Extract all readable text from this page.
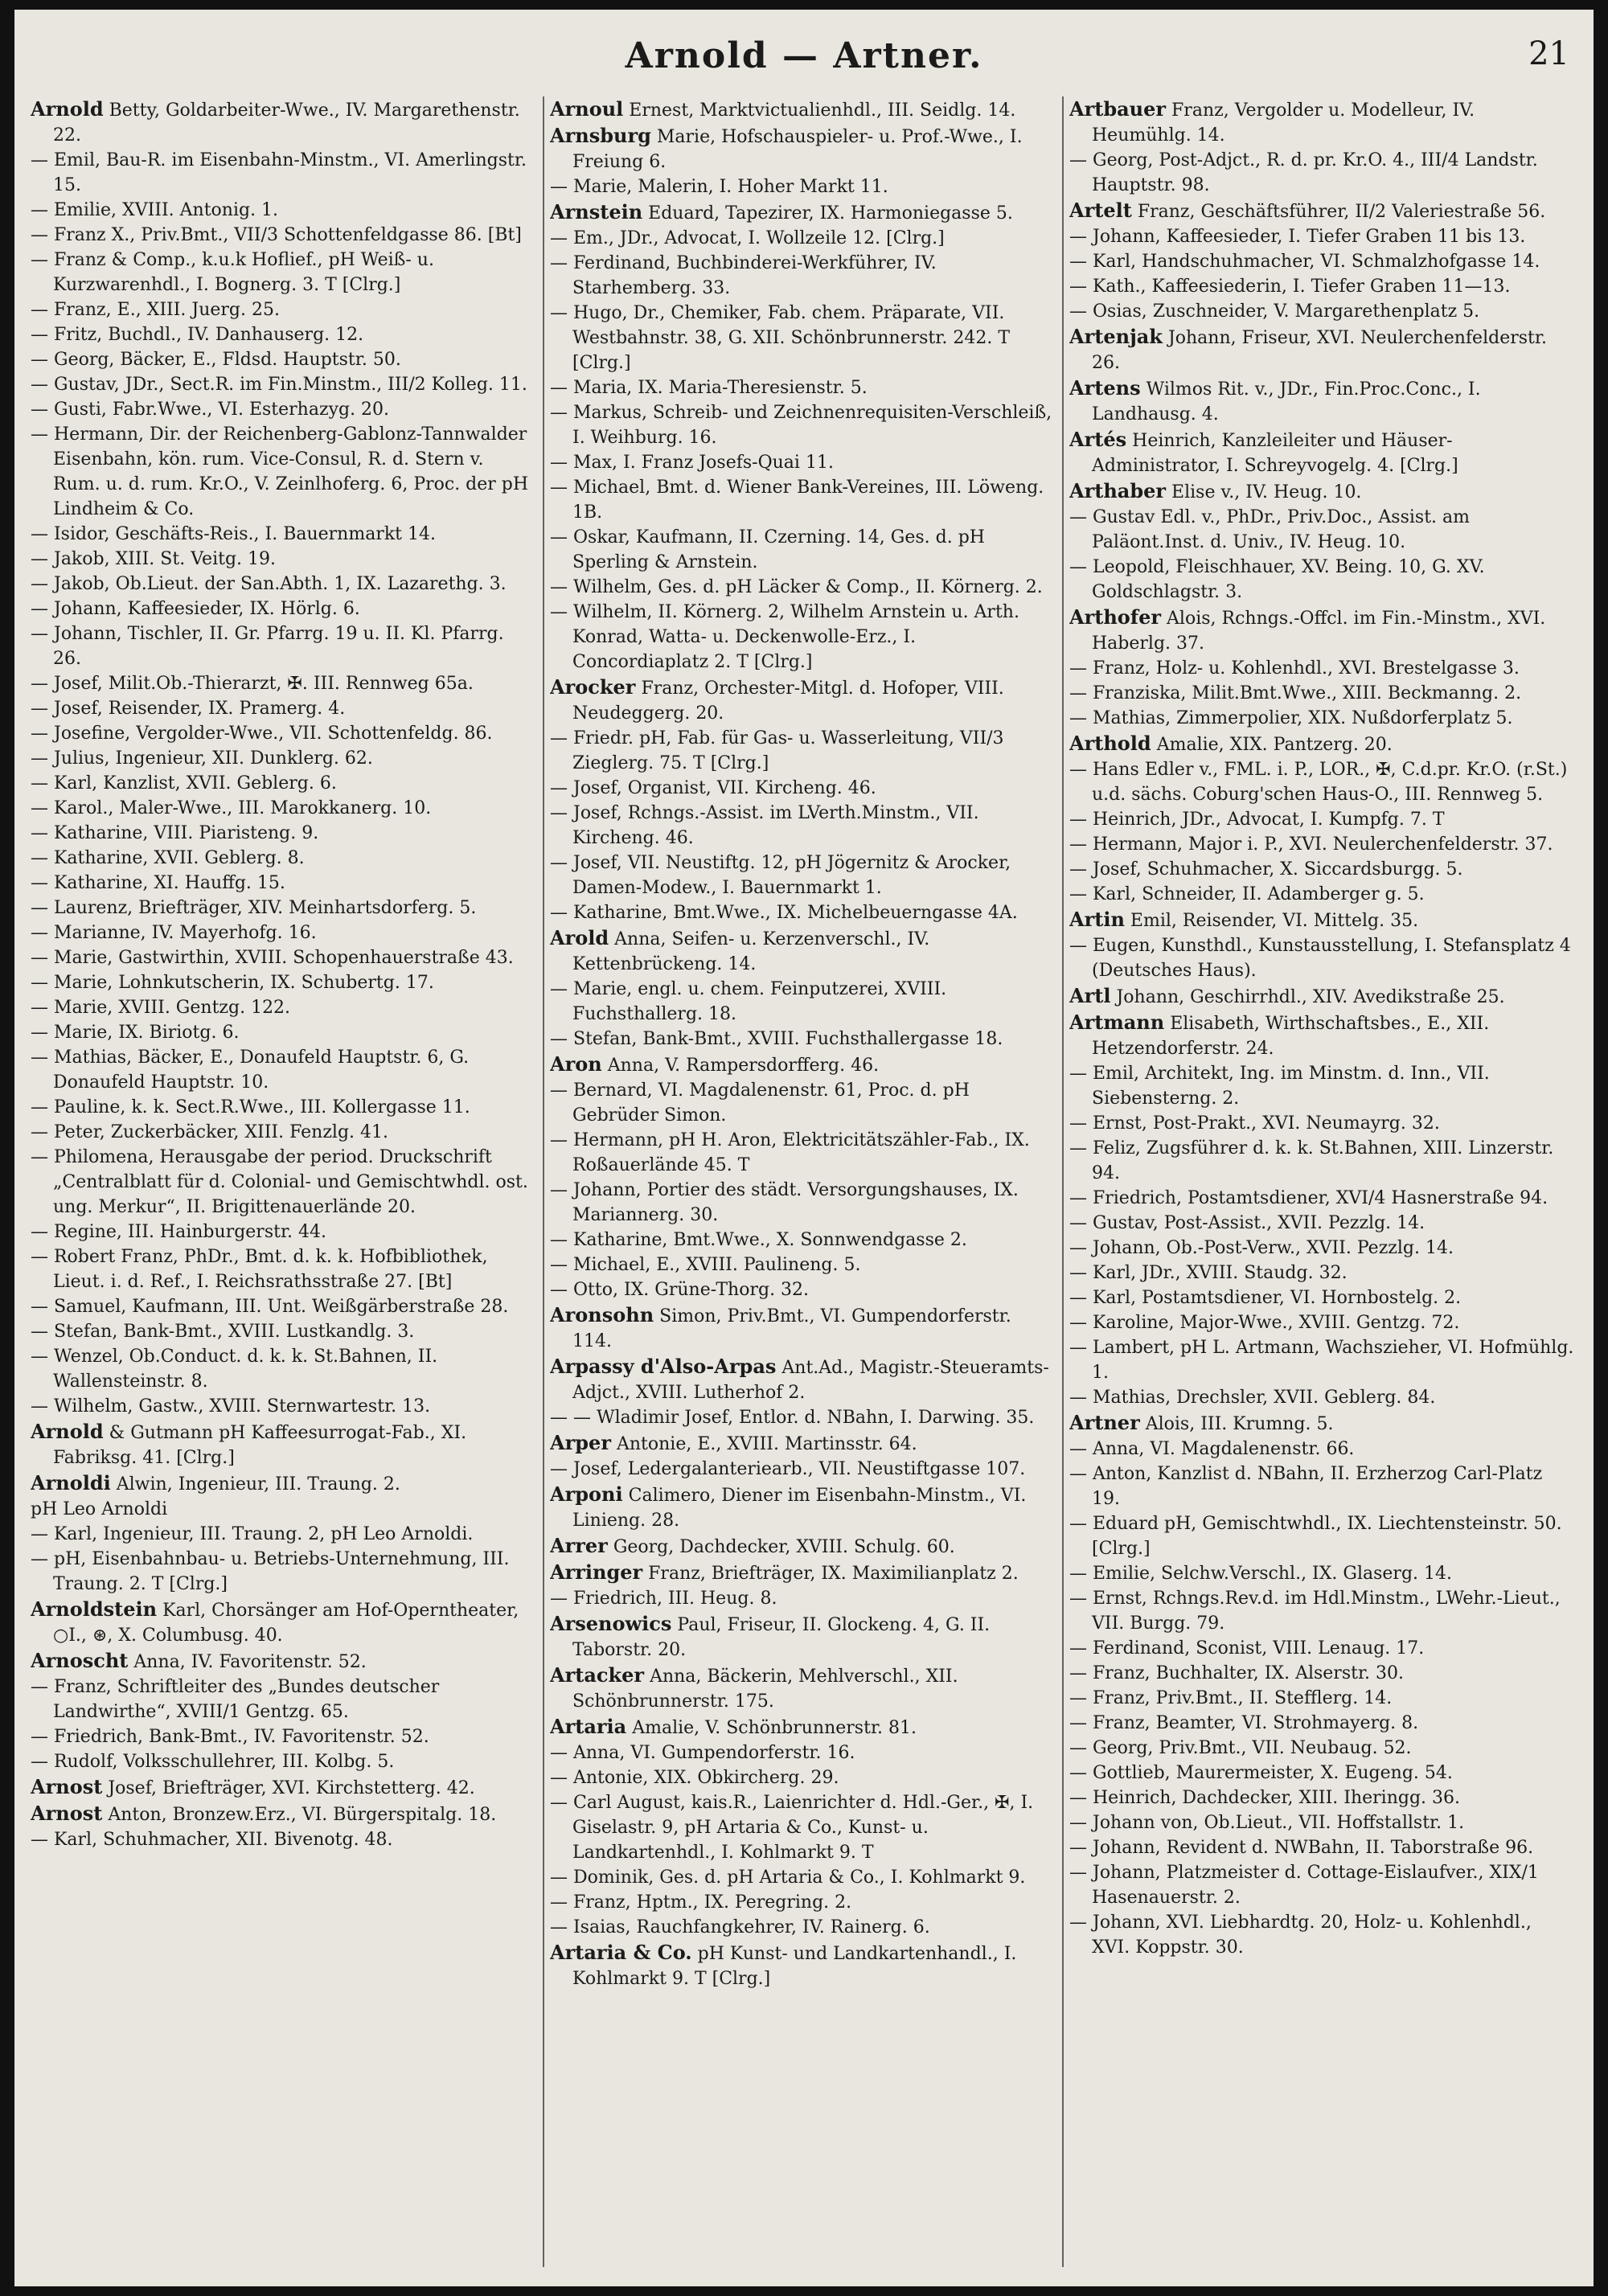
Arnold — Artner.	21

Arnold Betty, Goldarbeiter-Wwe., IV. Margarethenstr. 22.

— Emil, Bau-R. im Eisenbahn-Minstm., VI. Amerlingstr. 15.

— Emilie, XVIII. Antonig. 1.

— Franz X., Priv.Bmt., VII/3 Schottenfeldgasse 86. [Bt]

— Franz & Comp., k.u.k Hoflief., pH Weiß- u. Kurzwarenhdl., I. Bognerg. 3. T [Clrg.]

— Franz, E., XIII. Juerg. 25.

— Fritz, Buchdl., IV. Danhauserg. 12.

— Georg, Bäcker, E., Fldsd. Hauptstr. 50.

— Gustav, JDr., Sect.R. im Fin.Minstm., III/2 Kolleg. 11.

— Gusti, Fabr.Wwe., VI. Esterhazyg. 20.

— Hermann, Dir. der Reichenberg-Gablonz-Tannwalder Eisenbahn, kön. rum. Vice-Consul, R. d. Stern v. Rum. u. d. rum. Kr.O., V. Zeinlhoferg. 6, Proc. der pH Lindheim & Co.

— Isidor, Geschäfts-Reis., I. Bauernmarkt 14.

— Jakob, XIII. St. Veitg. 19.

— Jakob, Ob.Lieut. der San.Abth. 1, IX. Lazarethg. 3.

— Johann, Kaffeesieder, IX. Hörlg. 6.

— Johann, Tischler, II. Gr. Pfarrg. 19 u. II. Kl. Pfarrg. 26.

— Josef, Milit.Ob.-Thierarzt, ✠. III. Rennweg 65a.

— Josef, Reisender, IX. Pramerg. 4.

— Josefine, Vergolder-Wwe., VII. Schottenfeldg. 86.

— Julius, Ingenieur, XII. Dunklerg. 62.

— Karl, Kanzlist, XVII. Geblerg. 6.

— Karol., Maler-Wwe., III. Marokkanerg. 10.

— Katharine, VIII. Piaristeng. 9.

— Katharine, XVII. Geblerg. 8.

— Katharine, XI. Hauffg. 15.

— Laurenz, Briefträger, XIV. Meinhartsdorferg. 5.

— Marianne, IV. Mayerhofg. 16.

— Marie, Gastwirthin, XVIII. Schopenhauerstraße 43.

— Marie, Lohnkutscherin, IX. Schubertg. 17.

— Marie, XVIII. Gentzg. 122.

— Marie, IX. Biriotg. 6.

— Mathias, Bäcker, E., Donaufeld Hauptstr. 6, G. Donaufeld Hauptstr. 10.

— Pauline, k. k. Sect.R.Wwe., III. Kollergasse 11.

— Peter, Zuckerbäcker, XIII. Fenzlg. 41.

— Philomena, Herausgabe der period. Druckschrift „Centralblatt für d. Colonial- und Gemischtwhdl. ost. ung. Merkur“, II. Brigittenauerlände 20.

— Regine, III. Hainburgerstr. 44.

— Robert Franz, PhDr., Bmt. d. k. k. Hofbibliothek, Lieut. i. d. Ref., I. Reichsrathsstraße 27. [Bt]

— Samuel, Kaufmann, III. Unt. Weißgärberstraße 28.

— Stefan, Bank-Bmt., XVIII. Lustkandlg. 3.

— Wenzel, Ob.Conduct. d. k. k. St.Bahnen, II. Wallensteinstr. 8.

— Wilhelm, Gastw., XVIII. Sternwartestr. 13.

Arnold & Gutmann pH Kaffeesurrogat-Fab., XI. Fabriksg. 41. [Clrg.]

Arnoldi Alwin, Ingenieur, III. Traung. 2.

pH Leo Arnoldi

— Karl, Ingenieur, III. Traung. 2, pH Leo Arnoldi.

— pH, Eisenbahnbau- u. Betriebs-Unternehmung, III. Traung. 2. T [Clrg.]

Arnoldstein Karl, Chorsänger am Hof-Operntheater, ○I., ⊛, X. Columbusg. 40.

Arnoscht Anna, IV. Favoritenstr. 52.

— Franz, Schriftleiter des „Bundes deutscher Landwirthe“, XVIII/1 Gentzg. 65.

— Friedrich, Bank-Bmt., IV. Favoritenstr. 52.

— Rudolf, Volksschullehrer, III. Kolbg. 5.

Arnost Josef, Briefträger, XVI. Kirchstetterg. 42.

Arnost Anton, Bronzew.Erz., VI. Bürgerspitalg. 18.

— Karl, Schuhmacher, XII. Bivenotg. 48.

Arnoul Ernest, Marktvictualienhdl., III. Seidlg. 14.

Arnsburg Marie, Hofschauspieler- u. Prof.-Wwe., I. Freiung 6.

— Marie, Malerin, I. Hoher Markt 11.

Arnstein Eduard, Tapezirer, IX. Harmoniegasse 5.

— Em., JDr., Advocat, I. Wollzeile 12. [Clrg.]

— Ferdinand, Buchbinderei-Werkführer, IV. Starhemberg. 33.

— Hugo, Dr., Chemiker, Fab. chem. Präparate, VII. Westbahnstr. 38, G. XII. Schönbrunnerstr. 242. T [Clrg.]

— Maria, IX. Maria-Theresienstr. 5.

— Markus, Schreib- und Zeichnenrequisiten-Verschleiß, I. Weihburg. 16.

— Max, I. Franz Josefs-Quai 11.

— Michael, Bmt. d. Wiener Bank-Vereines, III. Löweng. 1B.

— Oskar, Kaufmann, II. Czerning. 14, Ges. d. pH Sperling & Arnstein.

— Wilhelm, Ges. d. pH Läcker & Comp., II. Körnerg. 2.

— Wilhelm, II. Körnerg. 2, Wilhelm Arnstein u. Arth. Konrad, Watta- u. Deckenwolle-Erz., I. Concordiaplatz 2. T [Clrg.]

Arocker Franz, Orchester-Mitgl. d. Hofoper, VIII. Neudeggerg. 20.

— Friedr. pH, Fab. für Gas- u. Wasserleitung, VII/3 Zieglerg. 75. T [Clrg.]

— Josef, Organist, VII. Kircheng. 46.

— Josef, Rchngs.-Assist. im LVerth.Minstm., VII. Kircheng. 46.

— Josef, VII. Neustiftg. 12, pH Jögernitz & Arocker, Damen-Modew., I. Bauernmarkt 1.

— Katharine, Bmt.Wwe., IX. Michelbeuerngasse 4A.

Arold Anna, Seifen- u. Kerzenverschl., IV. Kettenbrückeng. 14.

— Marie, engl. u. chem. Feinputzerei, XVIII. Fuchsthallerg. 18.

— Stefan, Bank-Bmt., XVIII. Fuchsthallergasse 18.

Aron Anna, V. Rampersdorfferg. 46.

— Bernard, VI. Magdalenenstr. 61, Proc. d. pH Gebrüder Simon.

— Hermann, pH H. Aron, Elektricitätszähler-Fab., IX. Roßauerlände 45. T

— Johann, Portier des städt. Versorgungshauses, IX. Mariannerg. 30.

— Katharine, Bmt.Wwe., X. Sonnwendgasse 2.

— Michael, E., XVIII. Paulineng. 5.

— Otto, IX. Grüne-Thorg. 32.

Aronsohn Simon, Priv.Bmt., VI. Gumpendorferstr. 114.

Arpassy d'Also-Arpas Ant.Ad., Magistr.-Steueramts-Adjct., XVIII. Lutherhof 2.

— — Wladimir Josef, Entlor. d. NBahn, I. Darwing. 35.

Arper Antonie, E., XVIII. Martinsstr. 64.

— Josef, Ledergalanteriearb., VII. Neustiftgasse 107.

Arponi Calimero, Diener im Eisenbahn-Minstm., VI. Linieng. 28.

Arrer Georg, Dachdecker, XVIII. Schulg. 60.

Arringer Franz, Briefträger, IX. Maximilianplatz 2.

— Friedrich, III. Heug. 8.

Arsenowics Paul, Friseur, II. Glockeng. 4, G. II. Taborstr. 20.

Artacker Anna, Bäckerin, Mehlverschl., XII. Schönbrunnerstr. 175.

Artaria Amalie, V. Schönbrunnerstr. 81.

— Anna, VI. Gumpendorferstr. 16.

— Antonie, XIX. Obkircherg. 29.

— Carl August, kais.R., Laienrichter d. Hdl.-Ger., ✠, I. Giselastr. 9, pH Artaria & Co., Kunst- u. Landkartenhdl., I. Kohlmarkt 9. T

— Dominik, Ges. d. pH Artaria & Co., I. Kohlmarkt 9.

— Franz, Hptm., IX. Peregring. 2.

— Isaias, Rauchfangkehrer, IV. Rainerg. 6.

Artaria & Co. pH Kunst- und Landkartenhandl., I. Kohlmarkt 9. T [Clrg.]

Artbauer Franz, Vergolder u. Modelleur, IV. Heumühlg. 14.

— Georg, Post-Adjct., R. d. pr. Kr.O. 4., III/4 Landstr. Hauptstr. 98.

Artelt Franz, Geschäftsführer, II/2 Valeriestraße 56.

— Johann, Kaffeesieder, I. Tiefer Graben 11 bis 13.

— Karl, Handschuhmacher, VI. Schmalzhofgasse 14.

— Kath., Kaffeesiederin, I. Tiefer Graben 11—13.

— Osias, Zuschneider, V. Margarethenplatz 5.

Artenjak Johann, Friseur, XVI. Neulerchenfelderstr. 26.

Artens Wilmos Rit. v., JDr., Fin.Proc.Conc., I. Landhausg. 4.

Artés Heinrich, Kanzleileiter und Häuser-Administrator, I. Schreyvogelg. 4. [Clrg.]

Arthaber Elise v., IV. Heug. 10.

— Gustav Edl. v., PhDr., Priv.Doc., Assist. am Paläont.Inst. d. Univ., IV. Heug. 10.

— Leopold, Fleischhauer, XV. Being. 10, G. XV. Goldschlagstr. 3.

Arthofer Alois, Rchngs.-Offcl. im Fin.-Minstm., XVI. Haberlg. 37.

— Franz, Holz- u. Kohlenhdl., XVI. Brestelgasse 3.

— Franziska, Milit.Bmt.Wwe., XIII. Beckmanng. 2.

— Mathias, Zimmerpolier, XIX. Nußdorferplatz 5.

Arthold Amalie, XIX. Pantzerg. 20.

— Hans Edler v., FML. i. P., LOR., ✠, C.d.pr. Kr.O. (r.St.) u.d. sächs. Coburg'schen Haus-O., III. Rennweg 5.

— Heinrich, JDr., Advocat, I. Kumpfg. 7. T

— Hermann, Major i. P., XVI. Neulerchenfelderstr. 37.

— Josef, Schuhmacher, X. Siccardsburgg. 5.

— Karl, Schneider, II. Adamberger g. 5.

Artin Emil, Reisender, VI. Mittelg. 35.

— Eugen, Kunsthdl., Kunstausstellung, I. Stefansplatz 4 (Deutsches Haus).

Artl Johann, Geschirrhdl., XIV. Avedikstraße 25.

Artmann Elisabeth, Wirthschaftsbes., E., XII. Hetzendorferstr. 24.

— Emil, Architekt, Ing. im Minstm. d. Inn., VII. Siebensterng. 2.

— Ernst, Post-Prakt., XVI. Neumayrg. 32.

— Feliz, Zugsführer d. k. k. St.Bahnen, XIII. Linzerstr. 94.

— Friedrich, Postamtsdiener, XVI/4 Hasnerstraße 94.

— Gustav, Post-Assist., XVII. Pezzlg. 14.

— Johann, Ob.-Post-Verw., XVII. Pezzlg. 14.

— Karl, JDr., XVIII. Staudg. 32.

— Karl, Postamtsdiener, VI. Hornbostelg. 2.

— Karoline, Major-Wwe., XVIII. Gentzg. 72.

— Lambert, pH L. Artmann, Wachszieher, VI. Hofmühlg. 1.

— Mathias, Drechsler, XVII. Geblerg. 84.

Artner Alois, III. Krumng. 5.

— Anna, VI. Magdalenenstr. 66.

— Anton, Kanzlist d. NBahn, II. Erzherzog Carl-Platz 19.

— Eduard pH, Gemischtwhdl., IX. Liechtensteinstr. 50. [Clrg.]

— Emilie, Selchw.Verschl., IX. Glaserg. 14.

— Ernst, Rchngs.Rev.d. im Hdl.Minstm., LWehr.-Lieut., VII. Burgg. 79.

— Ferdinand, Sconist, VIII. Lenaug. 17.

— Franz, Buchhalter, IX. Alserstr. 30.

— Franz, Priv.Bmt., II. Stefflerg. 14.

— Franz, Beamter, VI. Strohmayerg. 8.

— Georg, Priv.Bmt., VII. Neubaug. 52.

— Gottlieb, Maurermeister, X. Eugeng. 54.

— Heinrich, Dachdecker, XIII. Iheringg. 36.

— Johann von, Ob.Lieut., VII. Hoffstallstr. 1.

— Johann, Revident d. NWBahn, II. Taborstraße 96.

— Johann, Platzmeister d. Cottage-Eislaufver., XIX/1 Hasenauerstr. 2.

— Johann, XVI. Liebhardtg. 20, Holz- u. Kohlenhdl., XVI. Koppstr. 30.
